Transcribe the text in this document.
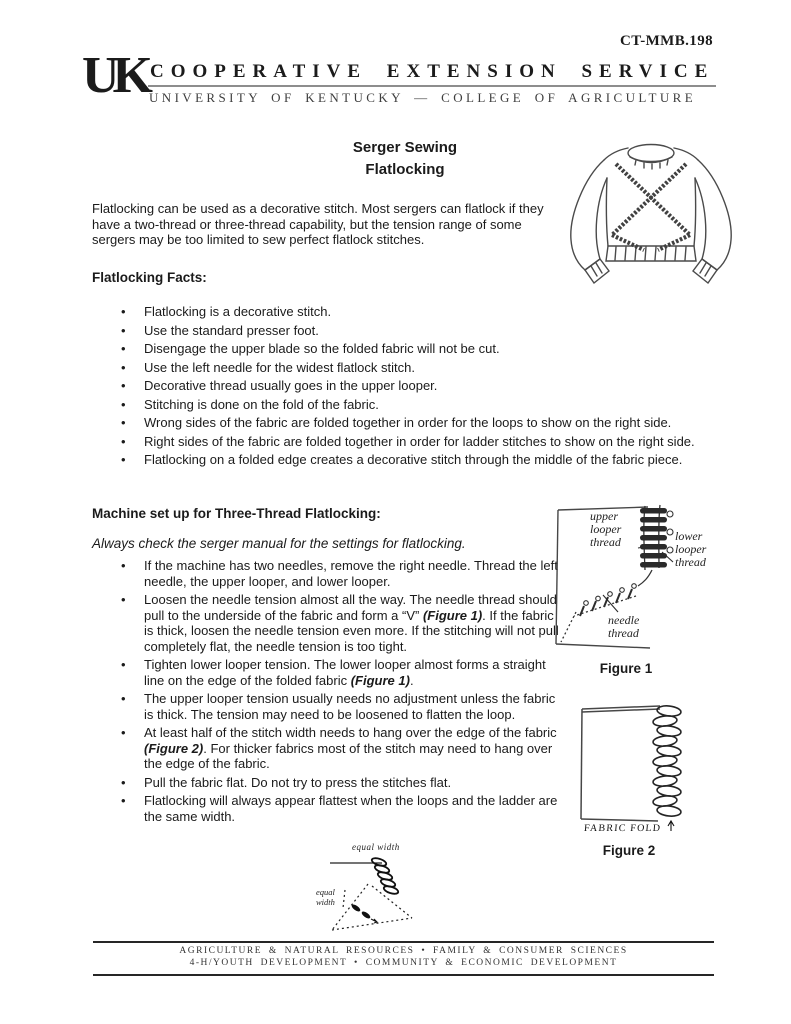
CT-MMB.198
UK COOPERATIVE EXTENSION SERVICE
UNIVERSITY OF KENTUCKY — COLLEGE OF AGRICULTURE
Serger Sewing
Flatlocking

Flatlocking can be used as a decorative stitch. Most sergers can flatlock if they have a two-thread or three-thread capability, but the tension range of some sergers may be too limited to sew perfect flatlock stitches.

Flatlocking Facts:
•	Flatlocking is a decorative stitch.
•	Use the standard presser foot.
•	Disengage the upper blade so the folded fabric will not be cut.
•	Use the left needle for the widest flatlock stitch.
•	Decorative thread usually goes in the upper looper.
•	Stitching is done on the fold of the fabric.
•	Wrong sides of the fabric are folded together in order for the loops to show on the right side.
•	Right sides of the fabric are folded together in order for ladder stitches to show on the right side.
•	Flatlocking on a folded edge creates a decorative stitch through the middle of the fabric piece.
Machine set up for Three-Thread Flatlocking:
Always check the serger manual for the settings for flatlocking.
•	If the machine has two needles, remove the right needle. Thread the left needle, the upper looper, and lower looper.
•	Loosen the needle tension almost all the way. The needle thread should pull to the underside of the fabric and form a “V” (Figure 1). If the fabric is thick, loosen the needle tension even more. If the stitching will not pull completely flat, the needle tension is too tight.
•	Tighten lower looper tension. The lower looper almost forms a straight line on the edge of the folded fabric (Figure 1).
•	The upper looper tension usually needs no adjustment unless the fabric is thick. The tension may need to be loosened to flatten the loop.
•	At least half of the stitch width needs to hang over the edge of the fabric (Figure 2). For thicker fabrics most of the stitch may need to hang over the edge of the fabric.
•	Pull the fabric flat. Do not try to press the stitches flat.
•	Flatlocking will always appear flattest when the loops and the ladder are the same width.
upper looper thread	lower looper thread
needle thread
Figure 1
FABRIC FOLD
Figure 2
equal width
equal width
AGRICULTURE & NATURAL RESOURCES • FAMILY & CONSUMER SCIENCES
4-H/YOUTH DEVELOPMENT • COMMUNITY & ECONOMIC DEVELOPMENT
